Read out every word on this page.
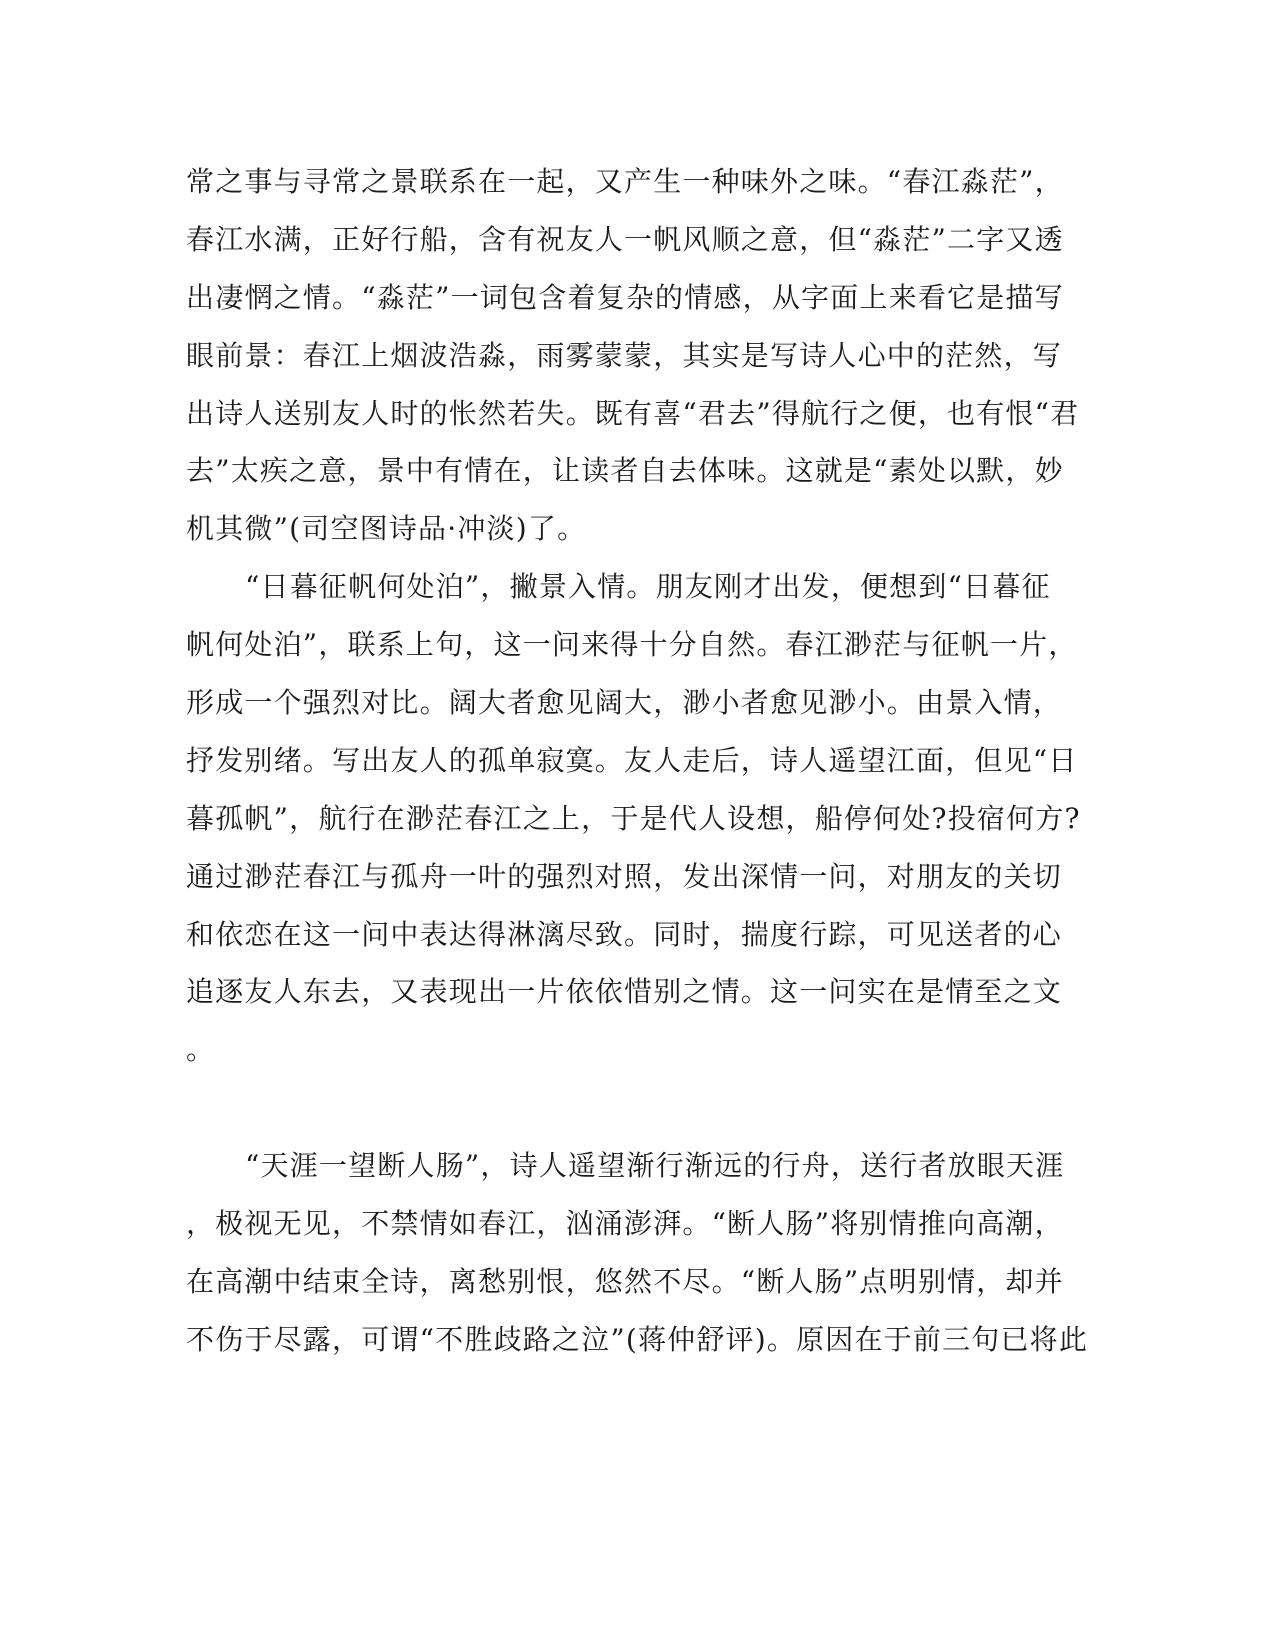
常之事与寻常之景联系在一起，又产生一种味外之味。“春江淼茫”，
春江水满，正好行船，含有祝友人一帆风顺之意，但“淼茫”二字又透
出凄惘之情。“淼茫”一词包含着复杂的情感，从字面上来看它是描写
眼前景：春江上烟波浩淼，雨雾蒙蒙，其实是写诗人心中的茫然，写
出诗人送别友人时的怅然若失。既有喜“君去”得航行之便，也有恨“君
去”太疾之意，景中有情在，让读者自去体味。这就是“素处以默，妙
机其微”(司空图诗品·冲淡)了。
“日暮征帆何处泊”，撇景入情。朋友刚才出发，便想到“日暮征
帆何处泊”，联系上句，这一问来得十分自然。春江渺茫与征帆一片，
形成一个强烈对比。阔大者愈见阔大，渺小者愈见渺小。由景入情，
抒发别绪。写出友人的孤单寂寞。友人走后，诗人遥望江面，但见“日
暮孤帆”，航行在渺茫春江之上，于是代人设想，船停何处?投宿何方?
通过渺茫春江与孤舟一叶的强烈对照，发出深情一问，对朋友的关切
和依恋在这一问中表达得淋漓尽致。同时，揣度行踪，可见送者的心
追逐友人东去，又表现出一片依依惜别之情。这一问实在是情至之文
。
“天涯一望断人肠”，诗人遥望渐行渐远的行舟，送行者放眼天涯
，极视无见，不禁情如春江，汹涌澎湃。“断人肠”将别情推向高潮，
在高潮中结束全诗，离愁别恨，悠然不尽。“断人肠”点明别情，却并
不伤于尽露，可谓“不胜歧路之泣”(蒋仲舒评)。原因在于前三句已将此
